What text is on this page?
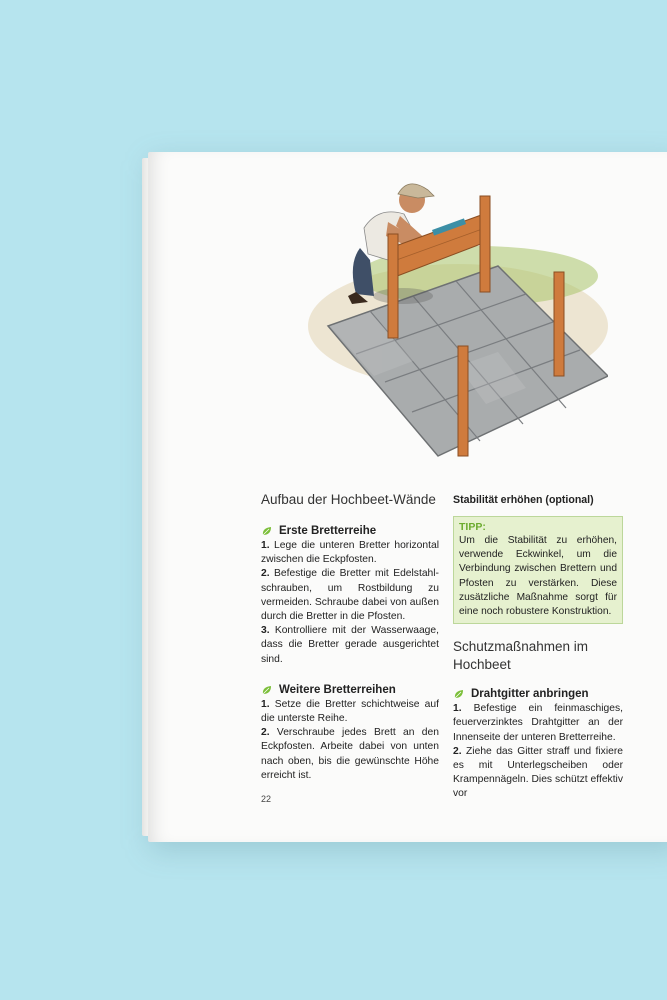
Aufbau der Hochbeet-Wände
Erste Bretterreihe

1. Lege die unteren Bretter horizontal zwischen die Eckpfosten.

2. Befestige die Bretter mit Edelstahl-schrauben, um Rostbildung zu vermeiden. Schraube dabei von außen durch die Bretter in die Pfosten.

3. Kontrolliere mit der Wasserwaage, dass die Bretter gerade ausgerichtet sind.

Weitere Bretterreihen

1. Setze die Bretter schichtweise auf die unterste Reihe.

2. Verschraube jedes Brett an den Eckpfosten. Arbeite dabei von unten nach oben, bis die gewünschte Höhe erreicht ist.

Stabilität erhöhen (optional)
TIPP:
Um die Stabilität zu erhöhen, verwende Eckwinkel, um die Verbindung zwischen Brettern und Pfosten zu verstärken. Diese zusätzliche Maßnahme sorgt für eine noch robustere Konstruktion.
Schutzmaßnahmen im Hochbeet
Drahtgitter anbringen

1. Befestige ein feinmaschiges, feuerverzinktes Drahtgitter an der Innenseite der unteren Bretterreihe.

2. Ziehe das Gitter straff und fixiere es mit Unterlegscheiben oder Krampennägeln. Dies schützt effektiv vor

22
